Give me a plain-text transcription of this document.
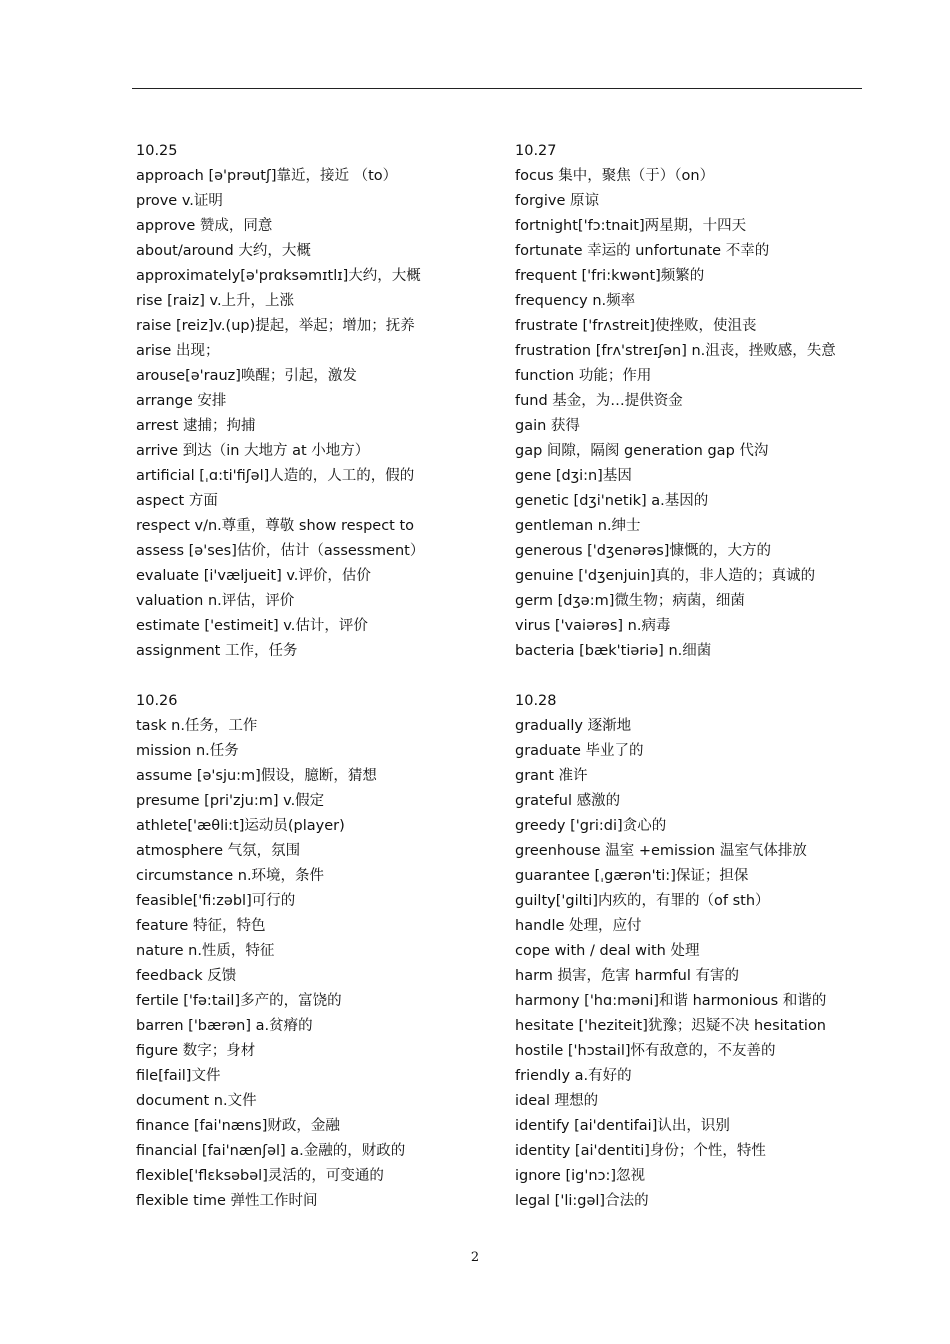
10.25
approach [ə'prəutʃ]靠近，接近 （to）
prove v.证明
approve 赞成，同意
about/around 大约，大概
approximately[ə'prɑksəmɪtlɪ]大约，大概
rise [raiz] v.上升，上涨
raise [reiz]v.(up)提起，举起；增加；抚养
arise 出现；
arouse[ə'rauz]唤醒；引起，激发
arrange 安排
arrest 逮捕；拘捕
arrive 到达（in 大地方 at 小地方）
artificial [ˌɑ:ti'fiʃəl]人造的，人工的，假的
aspect 方面
respect v/n.尊重，尊敬 show respect to
assess [ə'ses]估价，估计（assessment）
evaluate [i'væljueit] v.评价，估价
valuation n.评估，评价
estimate ['estimeit] v.估计，评价
assignment 工作，任务
10.26
task n.任务，工作
mission n.任务
assume [ə'sju:m]假设，臆断，猜想
presume [pri'zju:m] v.假定
athlete['æθli:t]运动员(player)
atmosphere 气氛，氛围
circumstance n.环境，条件
feasible['fi:zəbl]可行的
feature 特征，特色
nature n.性质，特征
feedback 反馈
fertile ['fə:tail]多产的，富饶的
barren ['bærən] a.贫瘠的
figure 数字；身材
file[fail]文件
document n.文件
finance [fai'næns]财政，金融
financial [fai'nænʃəl] a.金融的，财政的
flexible['flɛksəbəl]灵活的，可变通的
flexible time 弹性工作时间
10.27
focus 集中，聚焦（于）（on）
forgive 原谅
fortnight['fɔ:tnait]两星期，十四天
fortunate 幸运的 unfortunate 不幸的
frequent ['fri:kwənt]频繁的
frequency n.频率
frustrate ['frʌstreit]使挫败，使沮丧
frustration [frʌ'streɪʃən] n.沮丧，挫败感，失意
function 功能；作用
fund 基金，为…提供资金
gain 获得
gap 间隙，隔阂 generation gap 代沟
gene [dʒi:n]基因
genetic [dʒi'netik] a.基因的
gentleman n.绅士
generous ['dʒenərəs]慷慨的，大方的
genuine ['dʒenjuin]真的，非人造的；真诚的
germ [dʒə:m]微生物；病菌，细菌
virus ['vaiərəs] n.病毒
bacteria [bæk'tiəriə] n.细菌
10.28
gradually 逐渐地
graduate 毕业了的
grant 准许
grateful 感激的
greedy ['gri:di]贪心的
greenhouse 温室 +emission 温室气体排放
guarantee [ˌgærən'ti:]保证；担保
guilty['gilti]内疚的，有罪的（of sth）
handle 处理，应付
cope with / deal with 处理
harm 损害，危害 harmful 有害的
harmony ['hɑ:məni]和谐 harmonious 和谐的
hesitate ['heziteit]犹豫；迟疑不决 hesitation
hostile ['hɔstail]怀有敌意的，不友善的
friendly a.有好的
ideal 理想的
identify [ai'dentifai]认出，识别
identity [ai'dentiti]身份；个性，特性
ignore [ig'nɔ:]忽视
legal ['li:gəl]合法的
2
